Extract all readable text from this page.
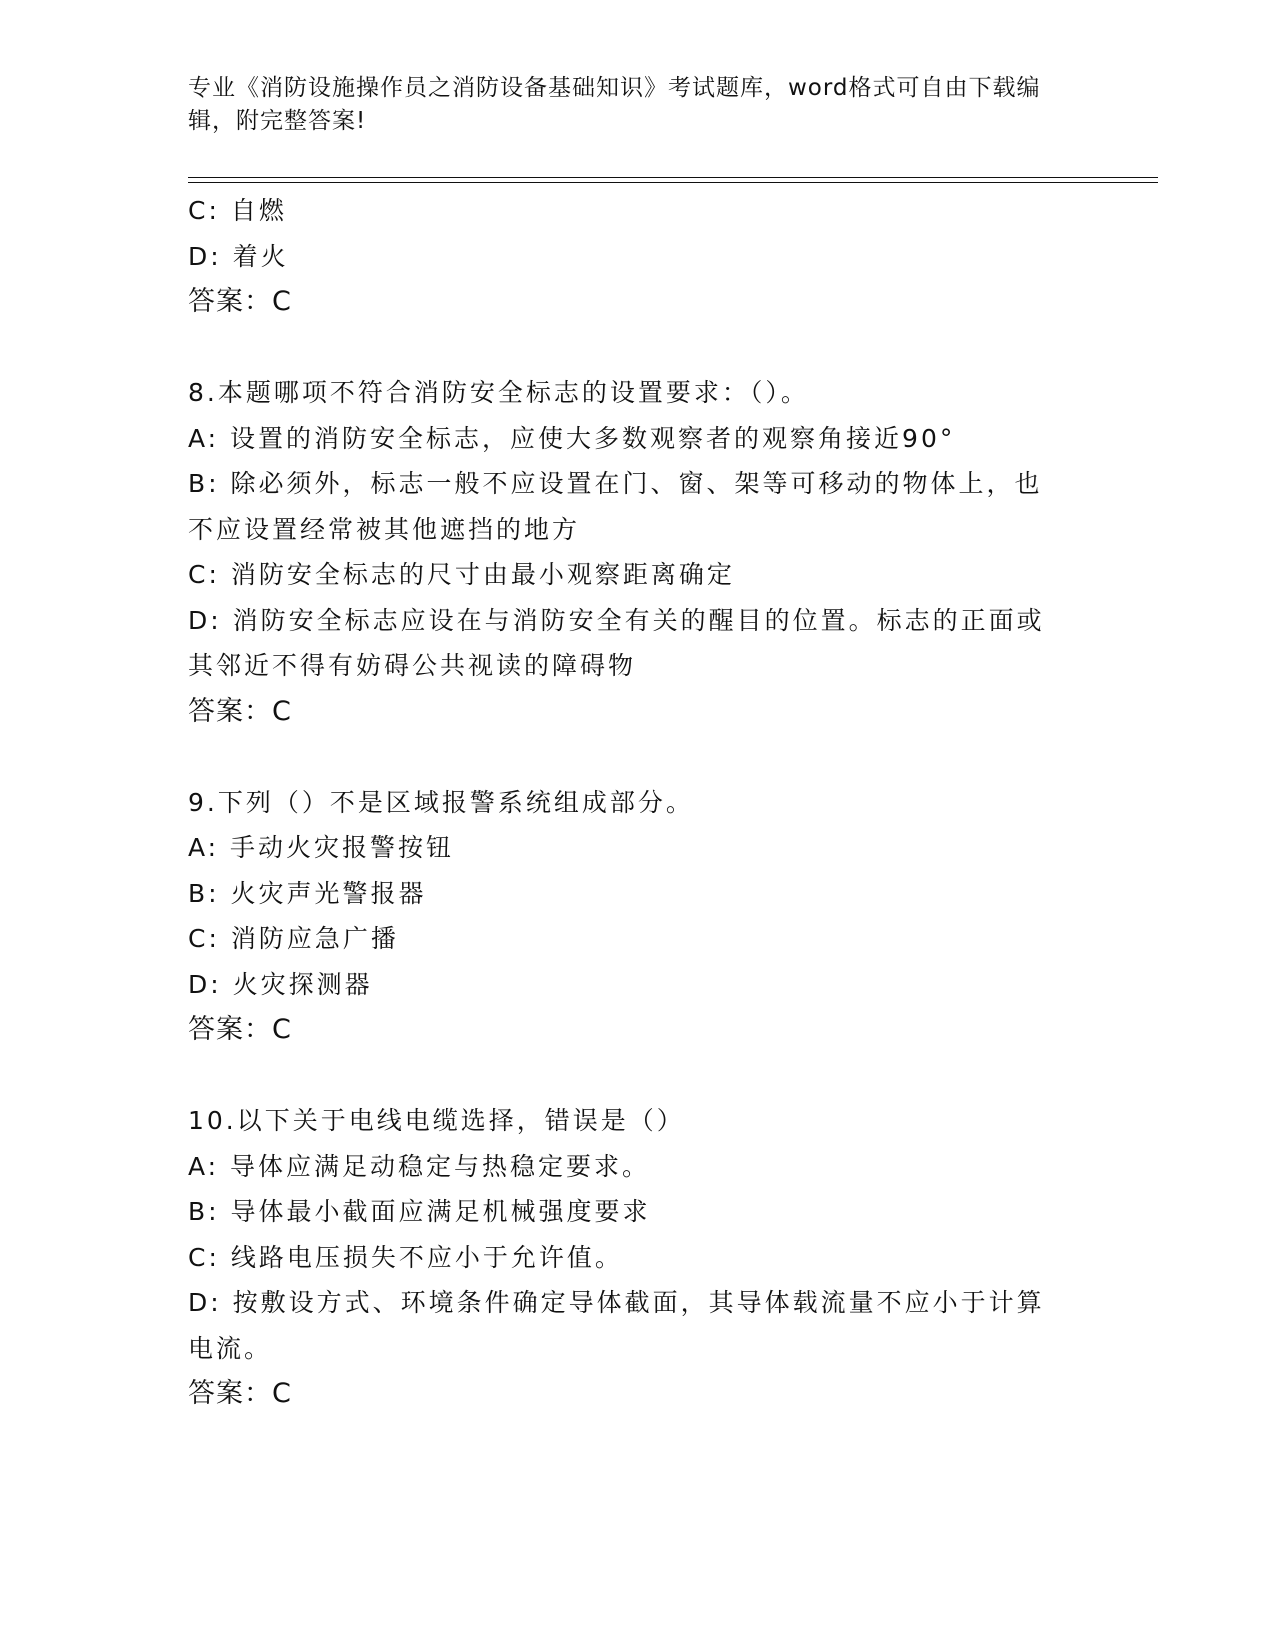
专业《消防设施操作员之消防设备基础知识》考试题库，word格式可自由下载编辑，附完整答案!
C: 自燃
D: 着火
答案：C
8.本题哪项不符合消防安全标志的设置要求：（）。
A: 设置的消防安全标志，应使大多数观察者的观察角接近90°
B: 除必须外，标志一般不应设置在门、窗、架等可移动的物体上，也
不应设置经常被其他遮挡的地方
C: 消防安全标志的尺寸由最小观察距离确定
D: 消防安全标志应设在与消防安全有关的醒目的位置。标志的正面或
其邻近不得有妨碍公共视读的障碍物
答案：C
9.下列（）不是区域报警系统组成部分。
A: 手动火灾报警按钮
B: 火灾声光警报器
C: 消防应急广播
D: 火灾探测器
答案：C
10.以下关于电线电缆选择，错误是（）
A: 导体应满足动稳定与热稳定要求。
B: 导体最小截面应满足机械强度要求
C: 线路电压损失不应小于允许值。
D: 按敷设方式、环境条件确定导体截面，其导体载流量不应小于计算
电流。
答案：C
